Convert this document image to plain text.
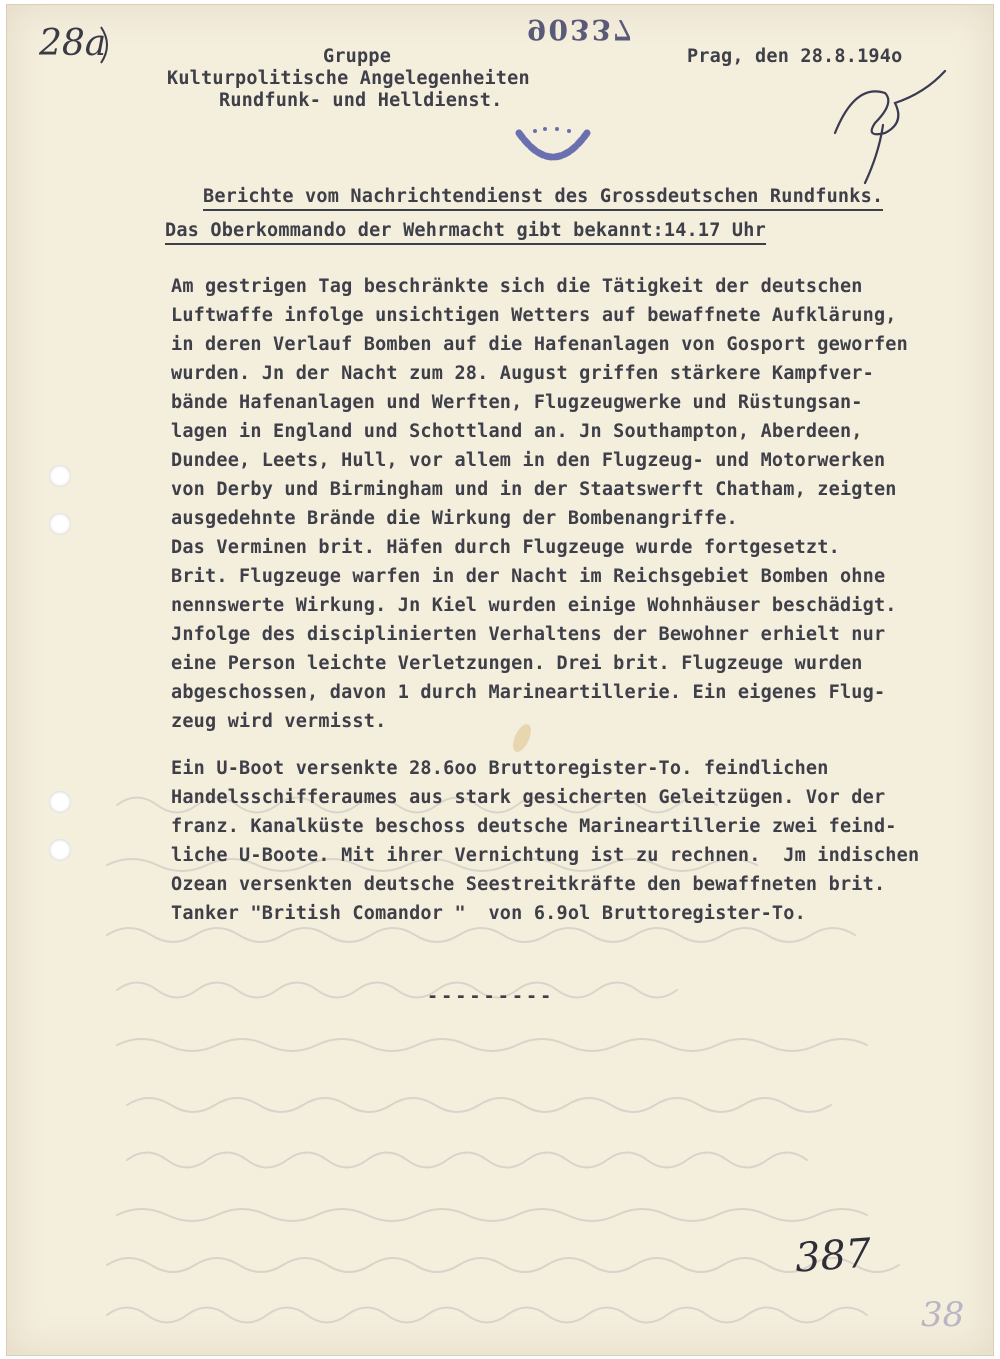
28a	90337
Gruppe
Kulturpolitische Angelegenheiten
Rundfunk- und Helldienst.
Prag, den 28.8.194o
Berichte vom Nachrichtendienst des Grossdeutschen Rundfunks.
Das Oberkommando der Wehrmacht gibt bekannt:14.17 Uhr
Am gestrigen Tag beschränkte sich die Tätigkeit der deutschen
Luftwaffe infolge unsichtigen Wetters auf bewaffnete Aufklärung,
in deren Verlauf Bomben auf die Hafenanlagen von Gosport geworfen
wurden. Jn der Nacht zum 28. August griffen stärkere Kampfver-
bände Hafenanlagen und Werften, Flugzeugwerke und Rüstungsan-
lagen in England und Schottland an. Jn Southampton, Aberdeen,
Dundee, Leets, Hull, vor allem in den Flugzeug- und Motorwerken
von Derby und Birmingham und in der Staatswerft Chatham, zeigten
ausgedehnte Brände die Wirkung der Bombenangriffe.
Das Verminen brit. Häfen durch Flugzeuge wurde fortgesetzt.
Brit. Flugzeuge warfen in der Nacht im Reichsgebiet Bomben ohne
nennswerte Wirkung. Jn Kiel wurden einige Wohnhäuser beschädigt.
Jnfolge des disciplinierten Verhaltens der Bewohner erhielt nur
eine Person leichte Verletzungen. Drei brit. Flugzeuge wurden
abgeschossen, davon 1 durch Marineartillerie. Ein eigenes Flug-
zeug wird vermisst.
Ein U-Boot versenkte 28.6oo Bruttoregister-To. feindlichen
Handelsschifferaumes aus stark gesicherten Geleitzügen. Vor der
franz. Kanalküste beschoss deutsche Marineartillerie zwei feind-
liche U-Boote. Mit ihrer Vernichtung ist zu rechnen.  Jm indischen
Ozean versenkten deutsche Seestreitkräfte den bewaffneten brit.
Tanker "British Comandor "  von 6.9ol Bruttoregister-To.
---------
387
38
